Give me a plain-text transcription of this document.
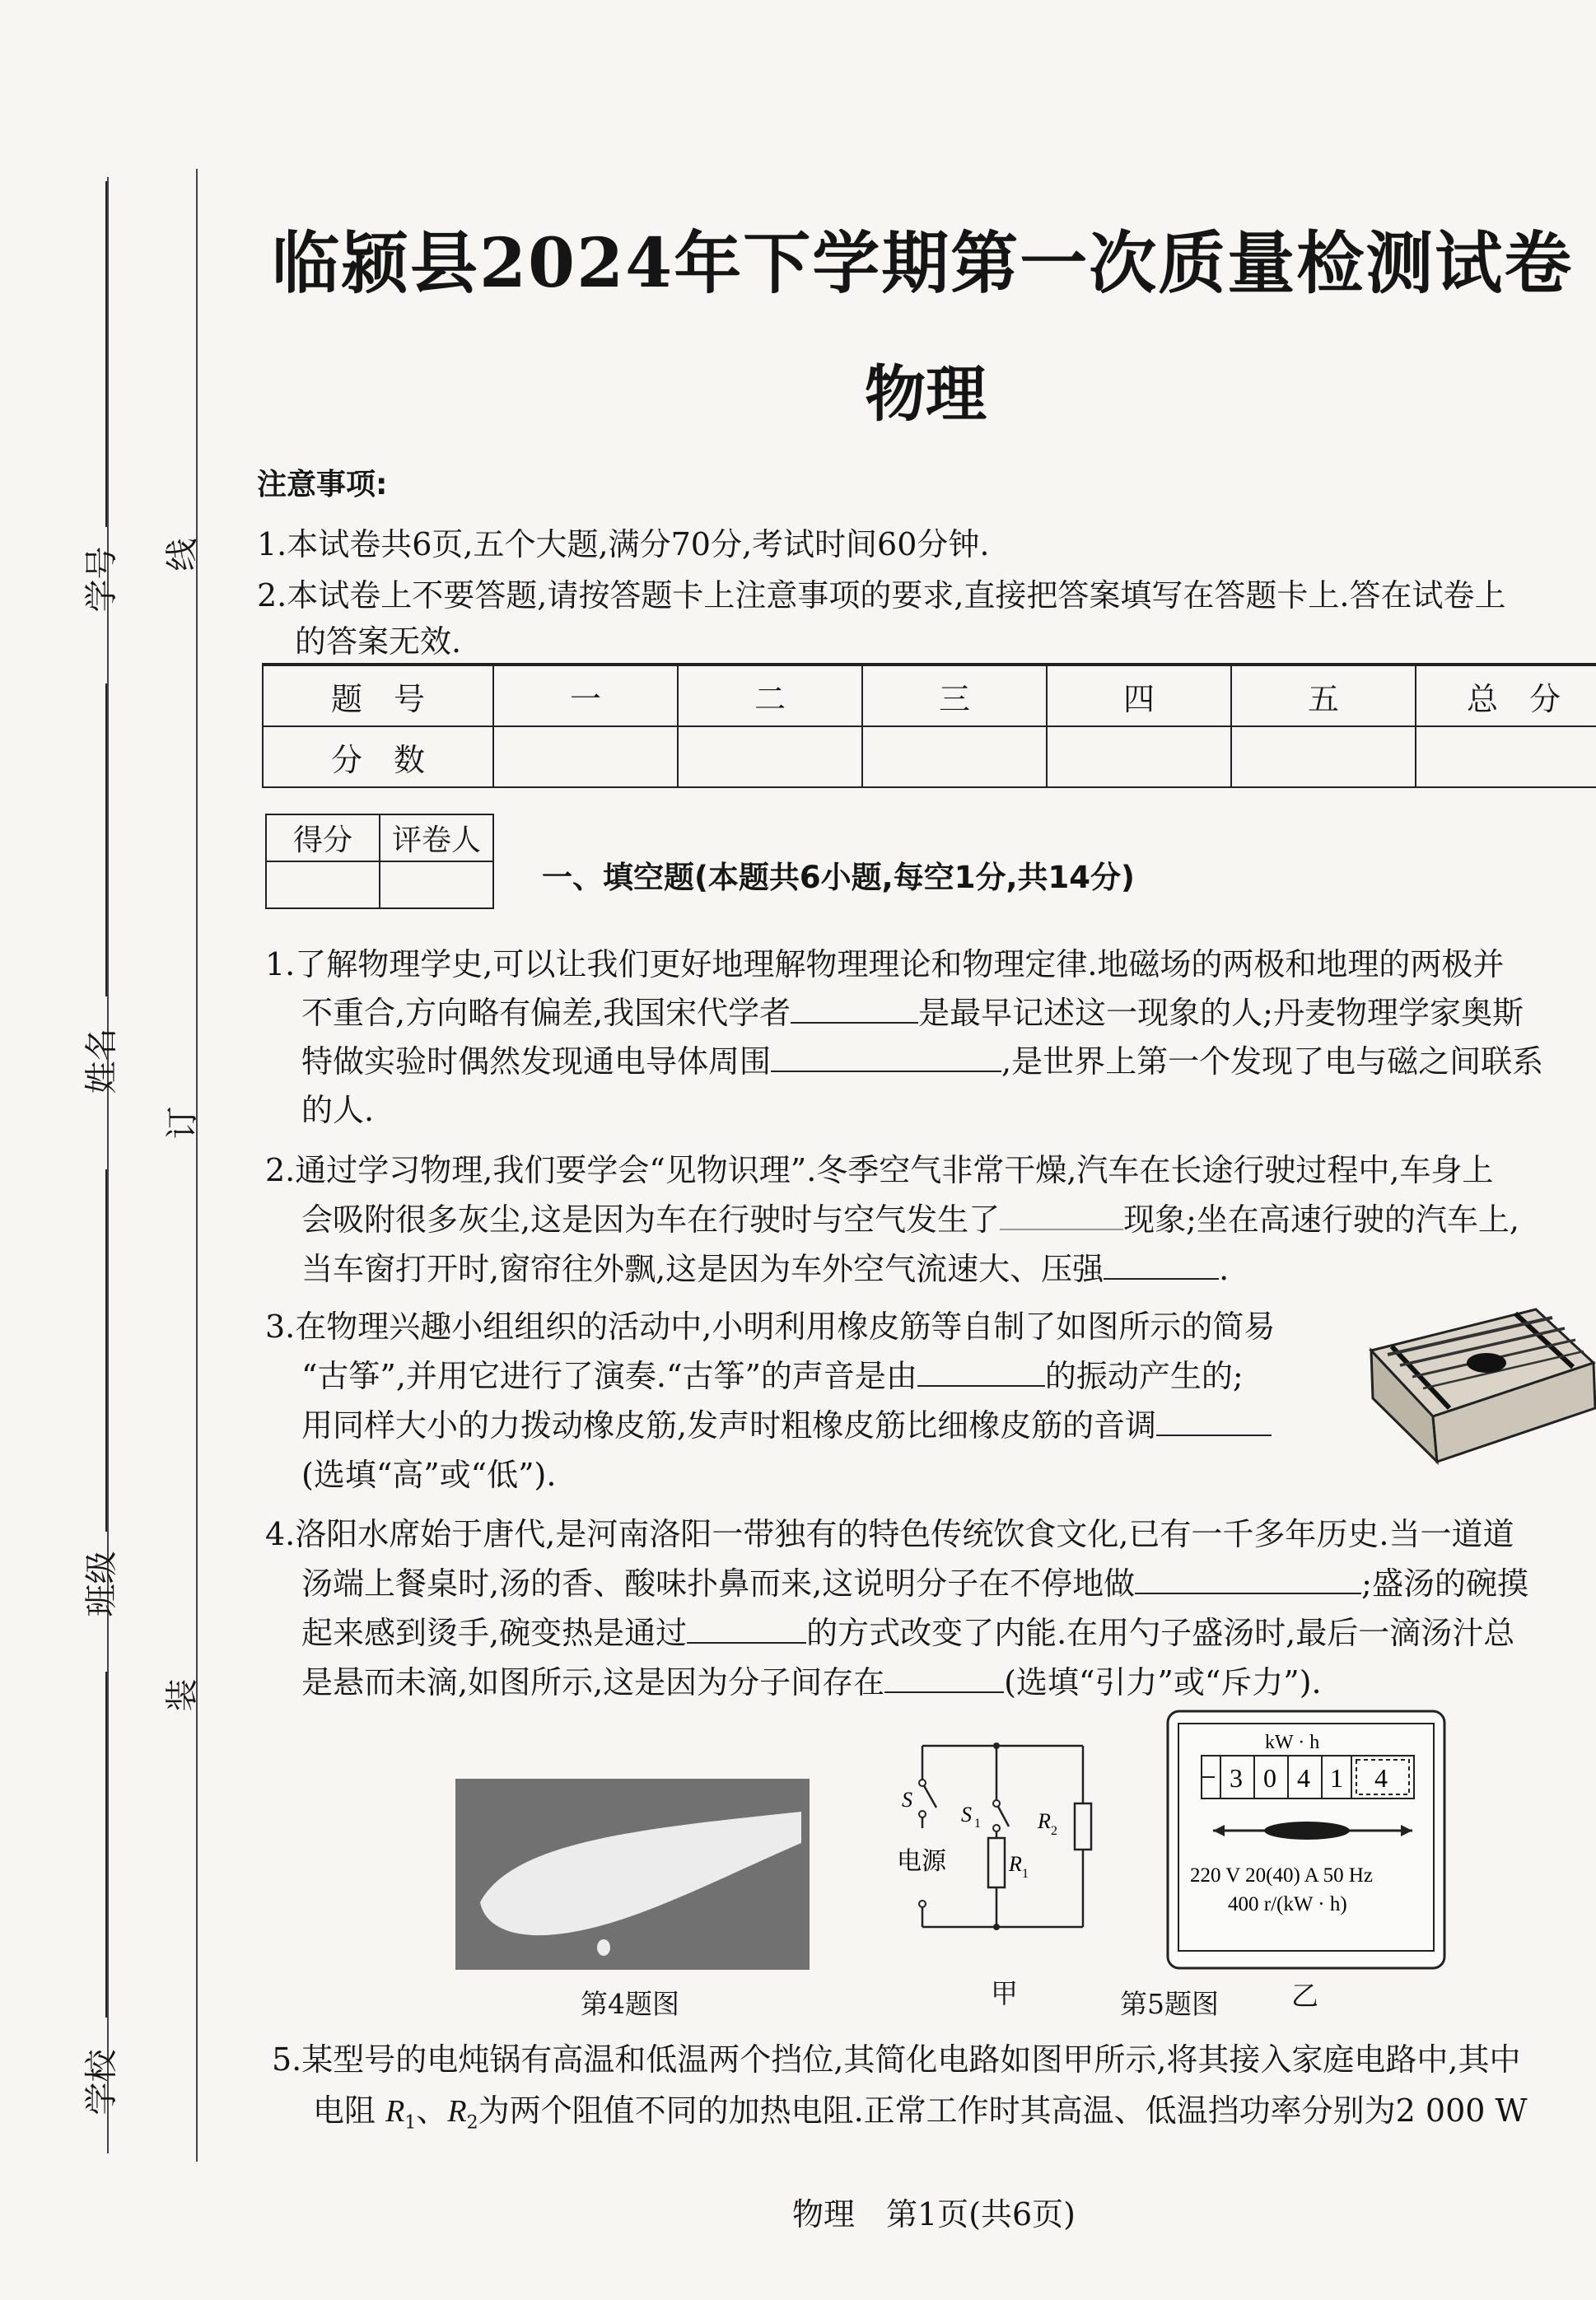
学号
姓名
班级
学校
线
订
装
临颍县2024年下学期第一次质量检测试卷
物理
注意事项:
1.本试卷共6页,五个大题,满分70分,考试时间60分钟.
2.本试卷上不要答题,请按答题卡上注意事项的要求,直接把答案填写在答题卡上.答在试卷上
的答案无效.
题　号	一	二	三	四	五	总　分
分　数						
得分	评卷人

一、填空题(本题共6小题,每空1分,共14分)
1.了解物理学史,可以让我们更好地理解物理理论和物理定律.地磁场的两极和地理的两极并
不重合,方向略有偏差,我国宋代学者	是最早记述这一现象的人;丹麦物理学家奥斯
特做实验时偶然发现通电导体周围	,是世界上第一个发现了电与磁之间联系
的人.
2.通过学习物理,我们要学会“见物识理”.冬季空气非常干燥,汽车在长途行驶过程中,车身上
会吸附很多灰尘,这是因为车在行驶时与空气发生了	现象;坐在高速行驶的汽车上,
当车窗打开时,窗帘往外飘,这是因为车外空气流速大、压强	.
3.在物理兴趣小组组织的活动中,小明利用橡皮筋等自制了如图所示的简易
“古筝”,并用它进行了演奏.“古筝”的声音是由	的振动产生的;
用同样大小的力拨动橡皮筋,发声时粗橡皮筋比细橡皮筋的音调
(选填“高”或“低”).
4.洛阳水席始于唐代,是河南洛阳一带独有的特色传统饮食文化,已有一千多年历史.当一道道
汤端上餐桌时,汤的香、酸味扑鼻而来,这说明分子在不停地做	;盛汤的碗摸
起来感到烫手,碗变热是通过	的方式改变了内能.在用勺子盛汤时,最后一滴汤汁总
是悬而未滴,如图所示,这是因为分子间存在	(选填“引力”或“斥力”).
第4题图
S
S 1
R 1
R 2
电源
甲
kW · h
3 0 4 1 4
220 V 20(40) A 50 Hz
400 r/(kW · h)
乙
第5题图
5.某型号的电炖锅有高温和低温两个挡位,其简化电路如图甲所示,将其接入家庭电路中,其中
电阻 $R_1$、$R_2$为两个阻值不同的加热电阻.正常工作时其高温、低温挡功率分别为2 000 W
物理　第1页(共6页)
